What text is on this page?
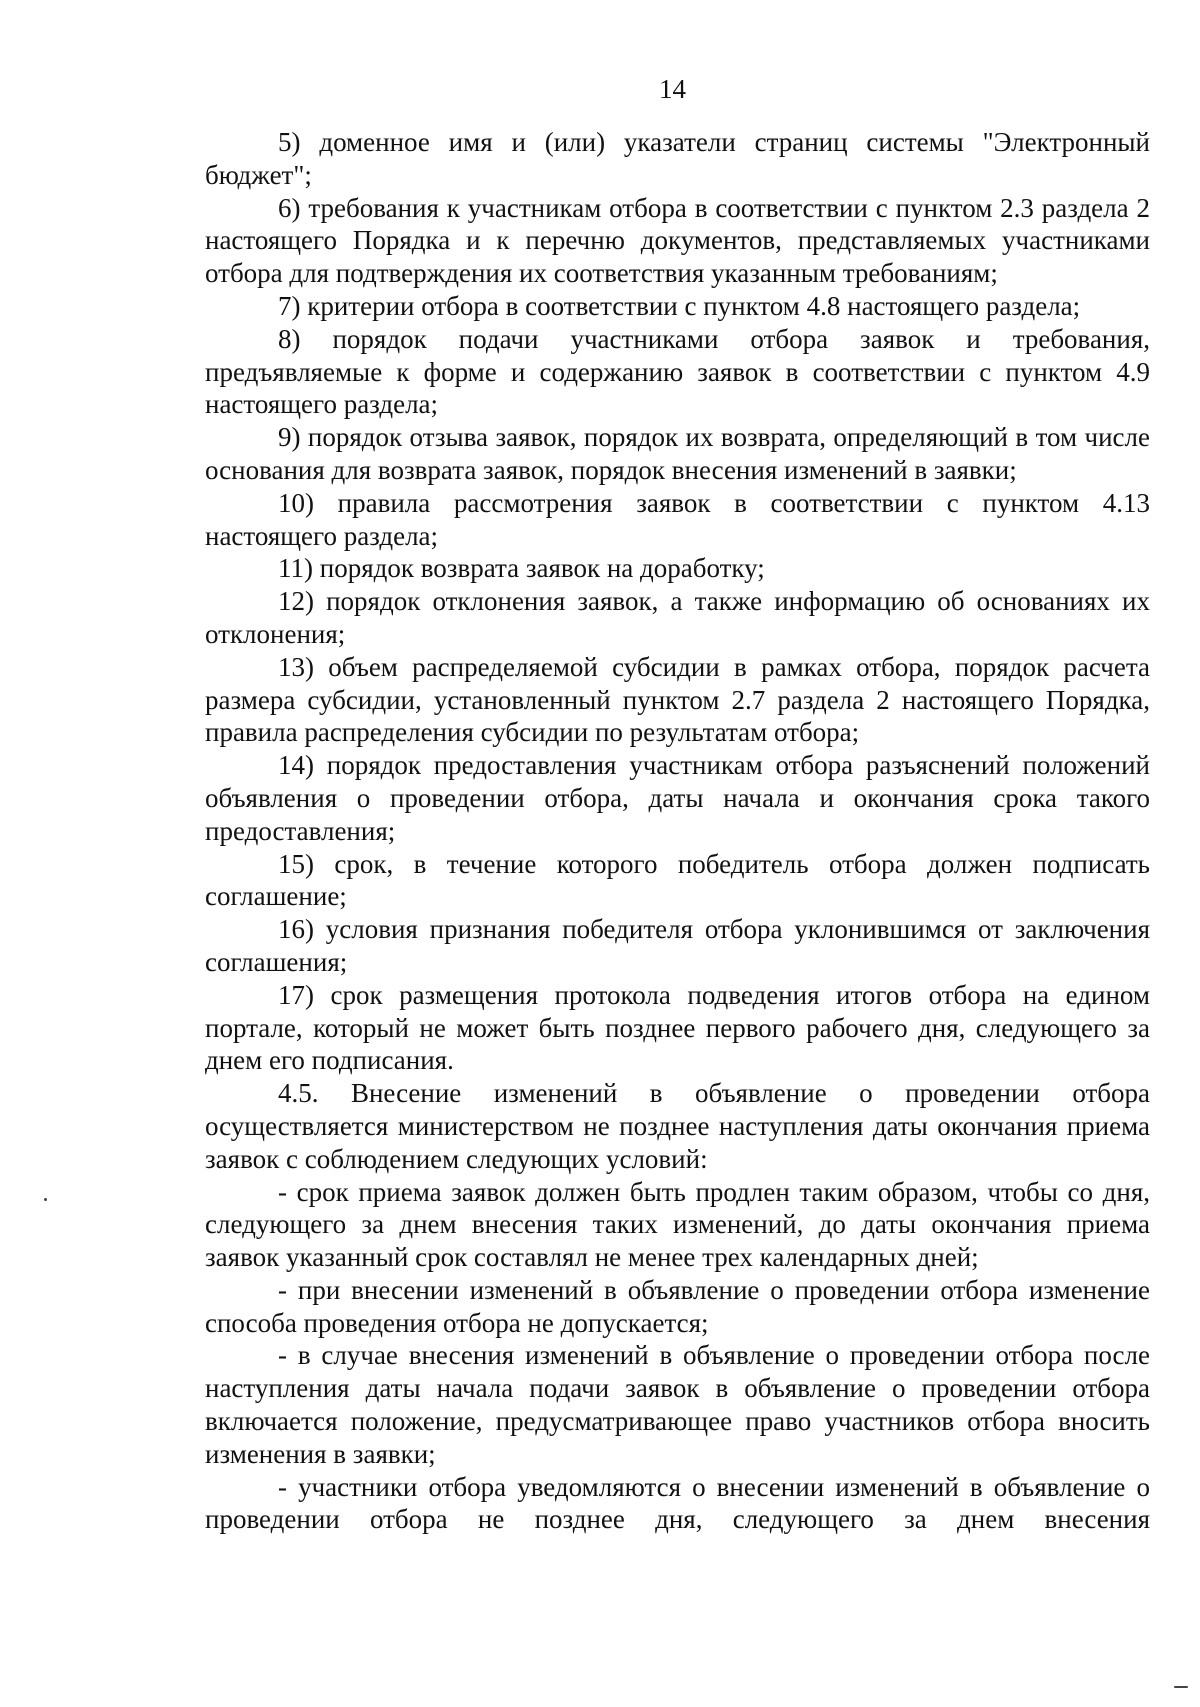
14

5) доменное имя и (или) указатели страниц системы "Электронный бюджет";

6) требования к участникам отбора в соответствии с пунктом 2.3 раздела 2 настоящего Порядка и к перечню документов, представляемых участниками отбора для подтверждения их соответствия указанным требованиям;

7) критерии отбора в соответствии с пунктом 4.8 настоящего раздела;

8) порядок подачи участниками отбора заявок и требования, предъявляемые к форме и содержанию заявок в соответствии с пунктом 4.9 настоящего раздела;

9) порядок отзыва заявок, порядок их возврата, определяющий в том числе основания для возврата заявок, порядок внесения изменений в заявки;

10) правила рассмотрения заявок в соответствии с пунктом 4.13 настоящего раздела;

11) порядок возврата заявок на доработку;

12) порядок отклонения заявок, а также информацию об основаниях их отклонения;

13) объем распределяемой субсидии в рамках отбора, порядок расчета размера субсидии, установленный пунктом 2.7 раздела 2 настоящего Порядка, правила распределения субсидии по результатам отбора;

14) порядок предоставления участникам отбора разъяснений положений объявления о проведении отбора, даты начала и окончания срока такого предоставления;

15) срок, в течение которого победитель отбора должен подписать соглашение;

16) условия признания победителя отбора уклонившимся от заключения соглашения;

17) срок размещения протокола подведения итогов отбора на едином портале, который не может быть позднее первого рабочего дня, следующего за днем его подписания.

4.5. Внесение изменений в объявление о проведении отбора осуществляется министерством не позднее наступления даты окончания приема заявок с соблюдением следующих условий:

- срок приема заявок должен быть продлен таким образом, чтобы со дня, следующего за днем внесения таких изменений, до даты окончания приема заявок указанный срок составлял не менее трех календарных дней;

- при внесении изменений в объявление о проведении отбора изменение способа проведения отбора не допускается;

- в случае внесения изменений в объявление о проведении отбора после наступления даты начала подачи заявок в объявление о проведении отбора включается положение, предусматривающее право участников отбора вносить изменения в заявки;

- участники отбора уведомляются о внесении изменений в объявление о проведении отбора не позднее дня, следующего за днем внесения
